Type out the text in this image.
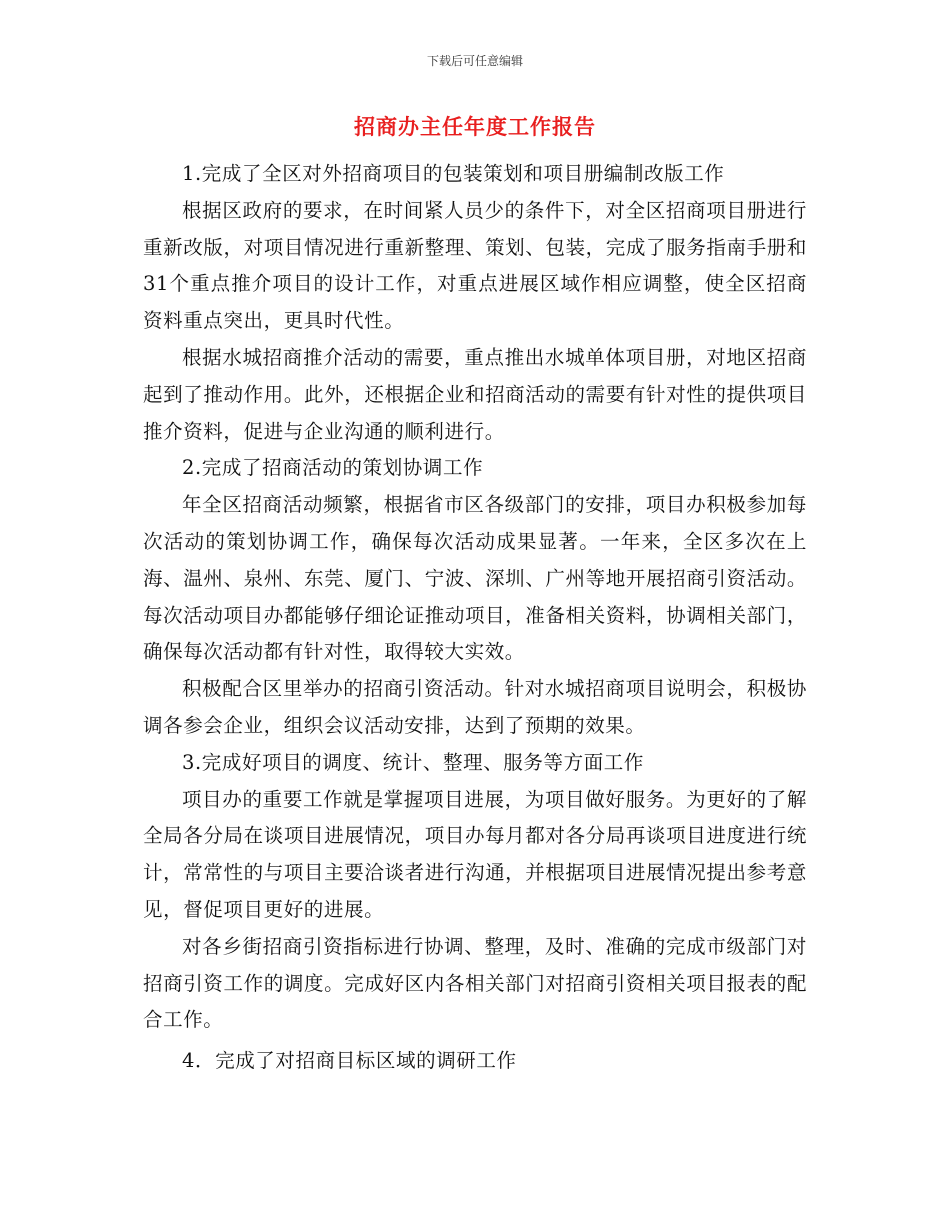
下载后可任意编辑
招商办主任年度工作报告

1.完成了全区对外招商项目的包装策划和项目册编制改版工作

根据区政府的要求，在时间紧人员少的条件下，对全区招商项目册进行重新改版，对项目情况进行重新整理、策划、包装，完成了服务指南手册和31个重点推介项目的设计工作，对重点进展区域作相应调整，使全区招商资料重点突出，更具时代性。

根据水城招商推介活动的需要，重点推出水城单体项目册，对地区招商起到了推动作用。此外，还根据企业和招商活动的需要有针对性的提供项目推介资料，促进与企业沟通的顺利进行。

2.完成了招商活动的策划协调工作

年全区招商活动频繁，根据省市区各级部门的安排，项目办积极参加每次活动的策划协调工作，确保每次活动成果显著。一年来，全区多次在上海、温州、泉州、东莞、厦门、宁波、深圳、广州等地开展招商引资活动。每次活动项目办都能够仔细论证推动项目，准备相关资料，协调相关部门，确保每次活动都有针对性，取得较大实效。

积极配合区里举办的招商引资活动。针对水城招商项目说明会，积极协调各参会企业，组织会议活动安排，达到了预期的效果。

3.完成好项目的调度、统计、整理、服务等方面工作

项目办的重要工作就是掌握项目进展，为项目做好服务。为更好的了解全局各分局在谈项目进展情况，项目办每月都对各分局再谈项目进度进行统计，常常性的与项目主要洽谈者进行沟通，并根据项目进展情况提出参考意见，督促项目更好的进展。

对各乡街招商引资指标进行协调、整理，及时、准确的完成市级部门对招商引资工作的调度。完成好区内各相关部门对招商引资相关项目报表的配合工作。

4．完成了对招商目标区域的调研工作
